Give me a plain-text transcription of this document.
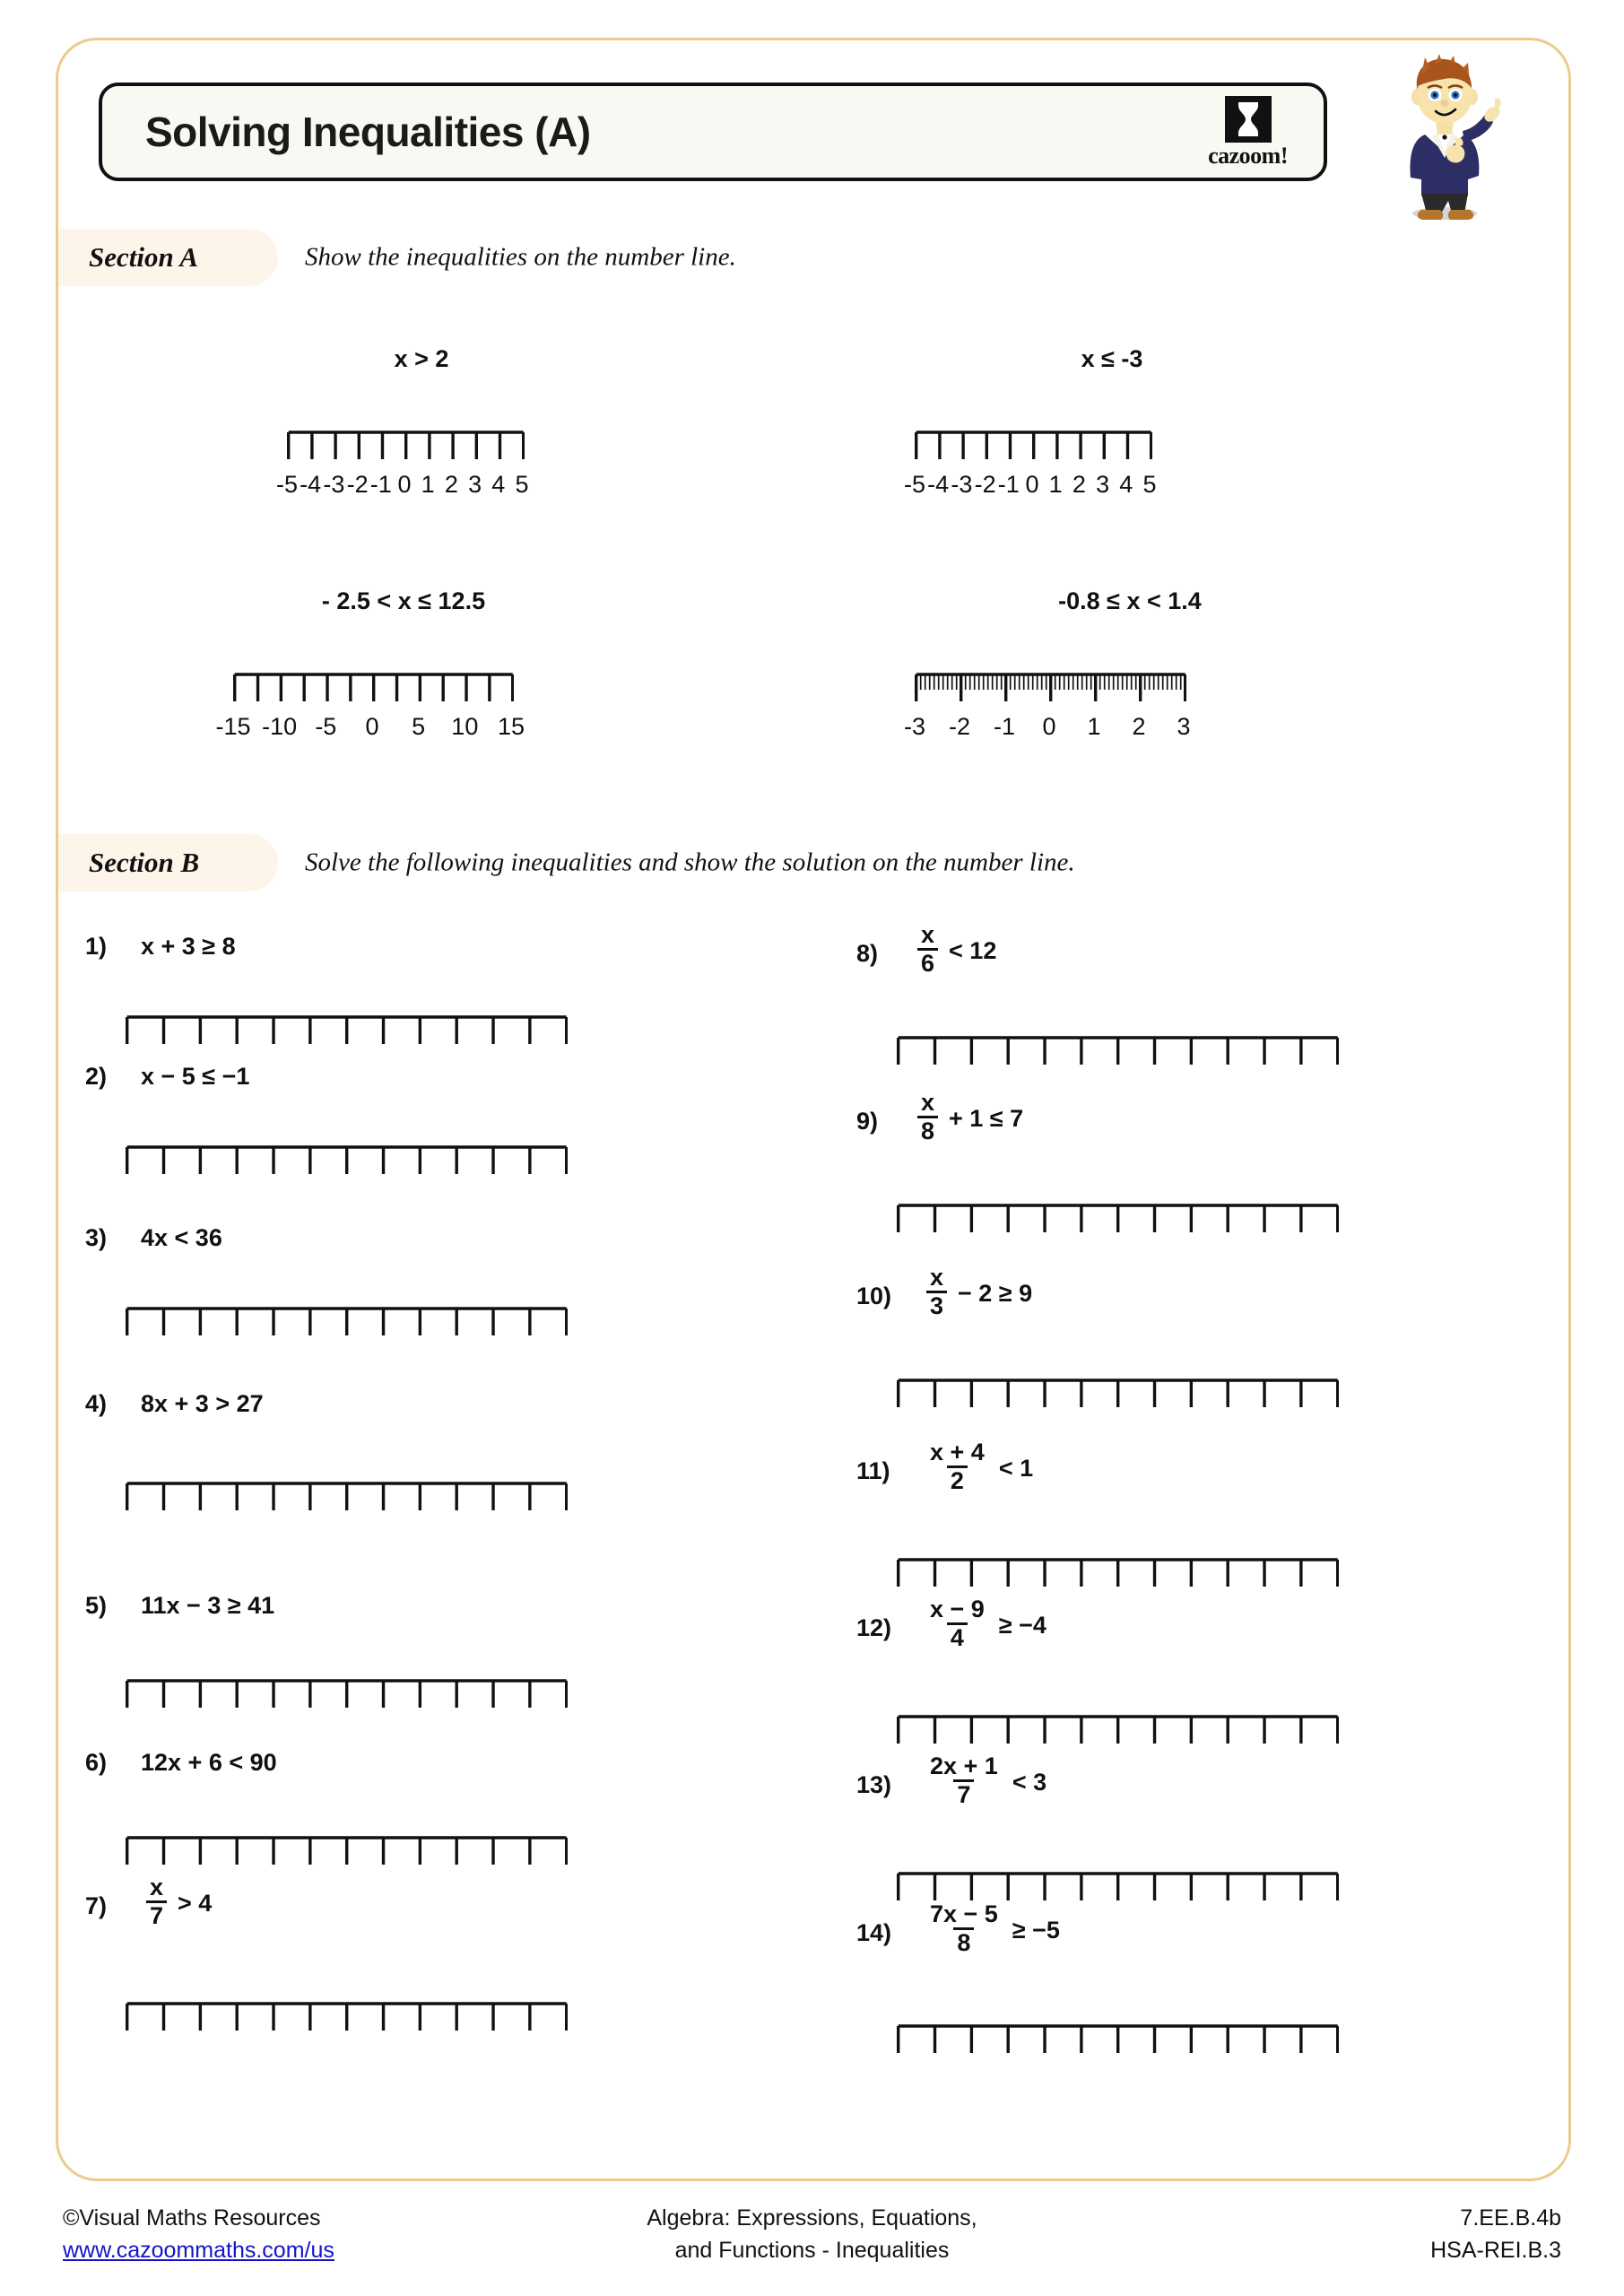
Solving Inequalities (A)
cazoom!
Section A	Show the inequalities on the number line.
x > 2
-5 -4 -3 -2 -1 0 1 2 3 4 5
x ≤ -3
-5 -4 -3 -2 -1 0 1 2 3 4 5
- 2.5 < x ≤ 12.5
-15 -10 -5	0	5	10 15
-0.8 ≤ x < 1.4
-3 -2 -1	0	1	2	3
Section B	Solve the following inequalities and show the solution on the number line.
1) x + 3 ≥ 8
2) x − 5 ≤ −1
3) 4x < 36
4) 8x + 3 > 27
5) 11x − 3 ≥ 41
6) 12x + 6 < 90
$7) \frac{x}{7} > 4$
$8) \frac{x}{6} < 12$
$9) \frac{x}{8} + 1 \le 7$
$10) \frac{x}{3} - 2 \ge 9$
$11) \frac{x + 4}{2} < 1$
$12) \frac{x - 9}{4} \ge -4$
$13) \frac{2x + 1}{7} < 3$
$14) \frac{7x - 5}{8} \ge -5$
©Visual Maths Resources
www.cazoommaths.com/us
Algebra: Expressions, Equations,
and Functions - Inequalities
7.EE.B.4b
HSA-REI.B.3
